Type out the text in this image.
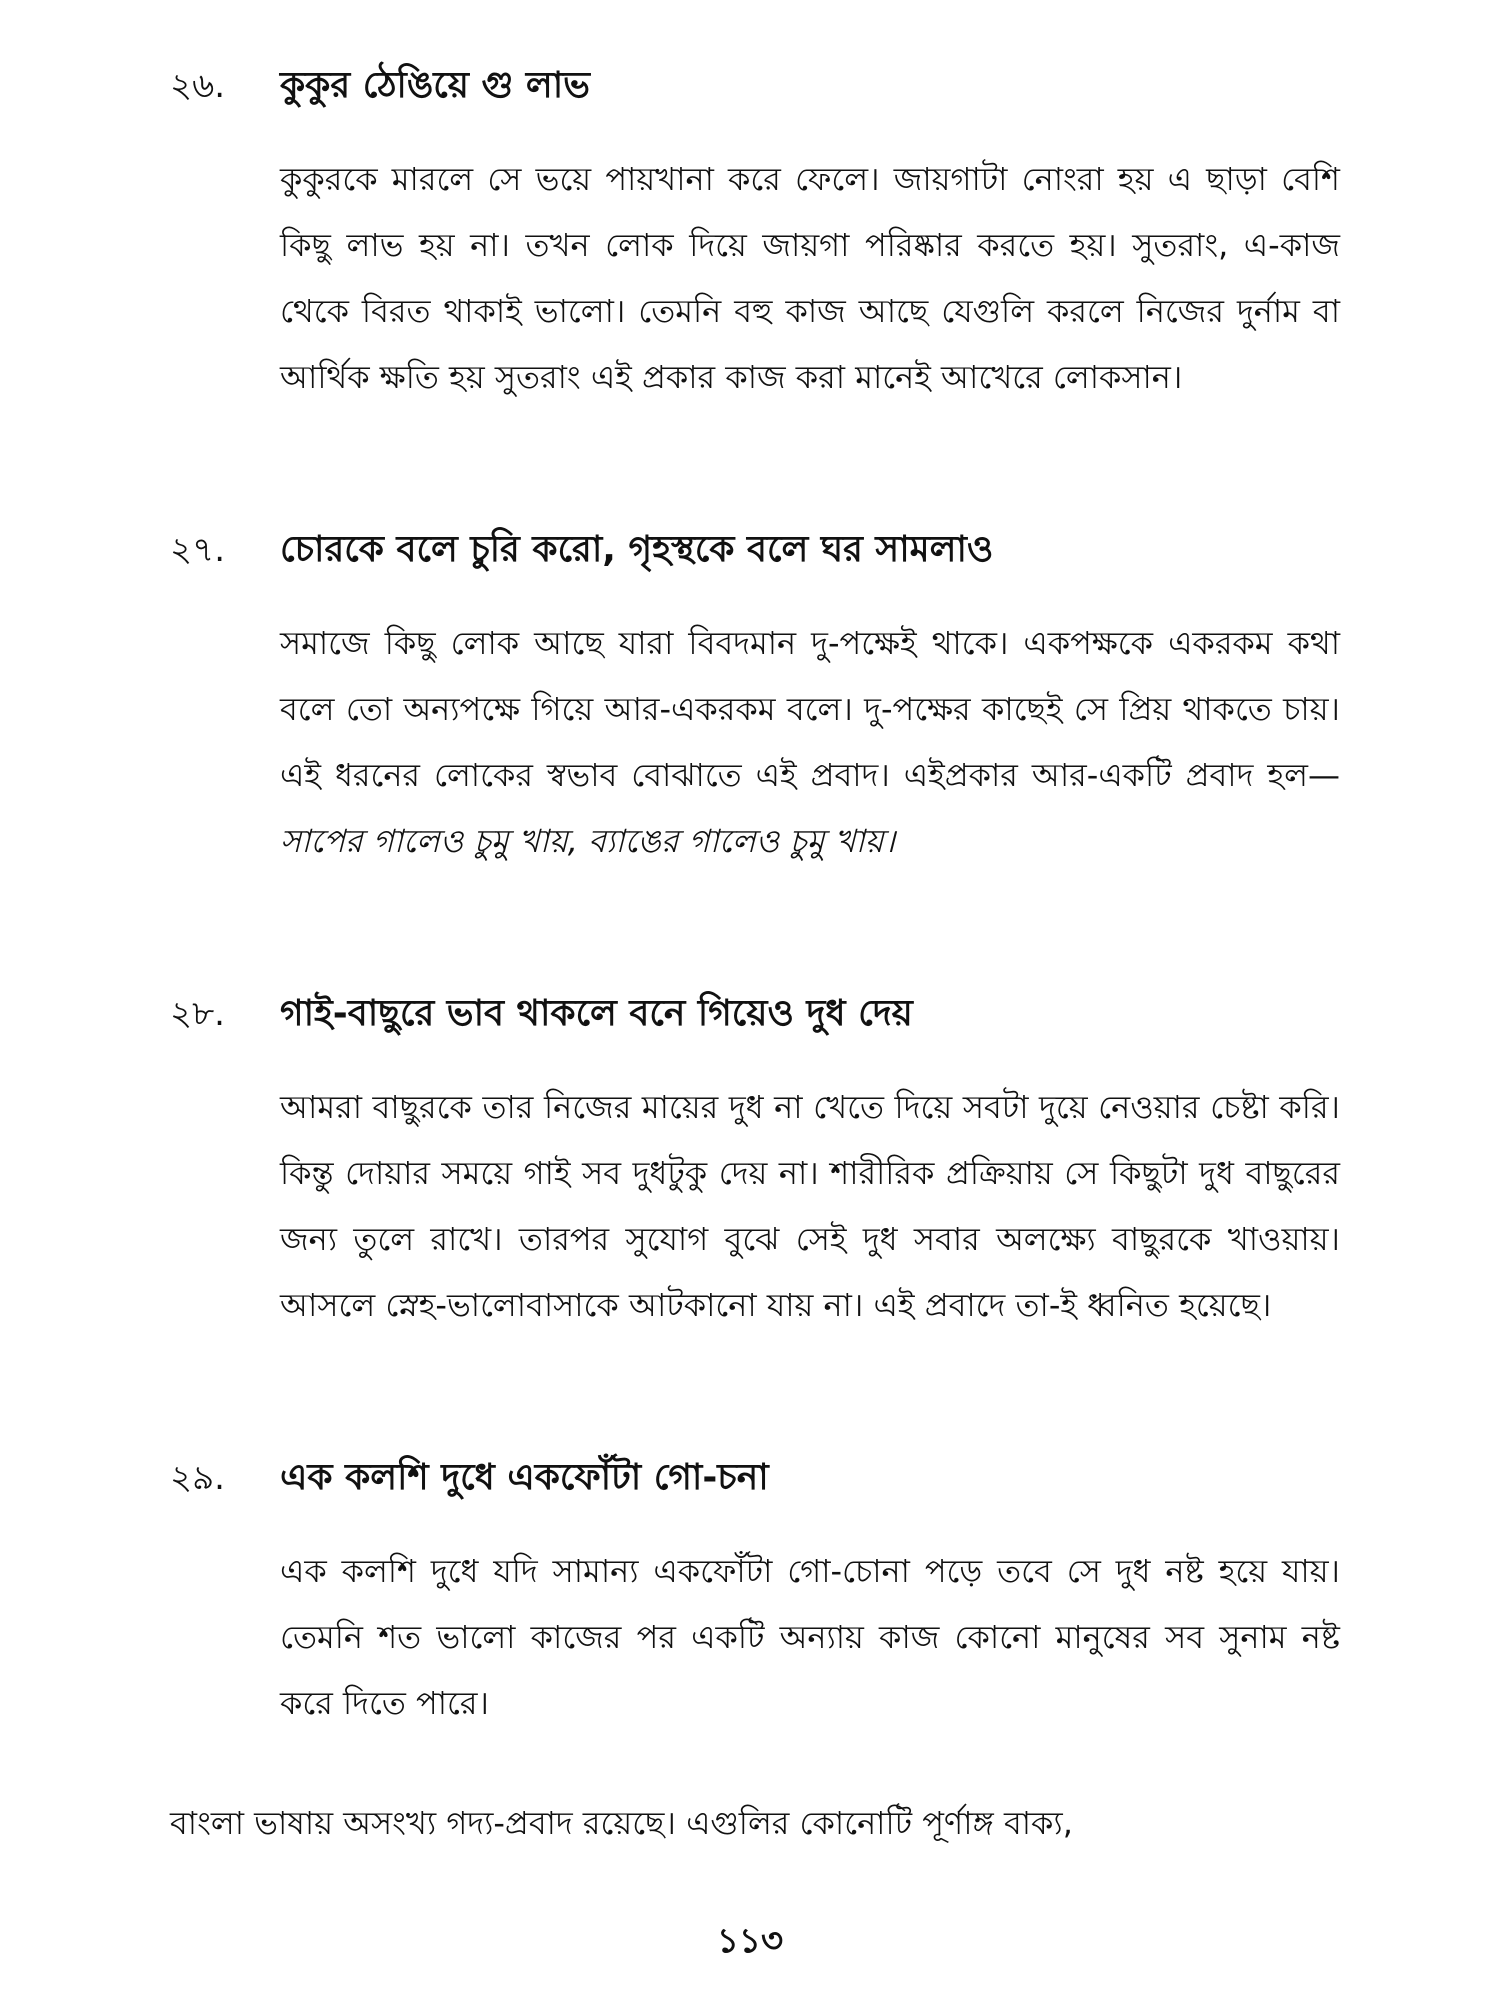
২৬.	কুকুর ঠেঙিয়ে গু লাভ
কুকুরকে মারলে সে ভয়ে পায়খানা করে ফেলে। জায়গাটা নোংরা হয় এ ছাড়া বেশি কিছু লাভ হয় না। তখন লোক দিয়ে জায়গা পরিষ্কার করতে হয়। সুতরাং, এ-কাজ থেকে বিরত থাকাই ভালো। তেমনি বহু কাজ আছে যেগুলি করলে নিজের দুর্নাম বা আর্থিক ক্ষতি হয় সুতরাং এই প্রকার কাজ করা মানেই আখেরে লোকসান।
২৭.	চোরকে বলে চুরি করো, গৃহস্থকে বলে ঘর সামলাও
সমাজে কিছু লোক আছে যারা বিবদমান দু-পক্ষেই থাকে। একপক্ষকে একরকম কথা বলে তো অন্যপক্ষে গিয়ে আর-একরকম বলে। দু-পক্ষের কাছেই সে প্রিয় থাকতে চায়। এই ধরনের লোকের স্বভাব বোঝাতে এই প্রবাদ। এইপ্রকার আর-একটি প্রবাদ হল—সাপের গালেও চুমু খায়, ব্যাঙের গালেও চুমু খায়।
২৮.	গাই-বাছুরে ভাব থাকলে বনে গিয়েও দুধ দেয়
আমরা বাছুরকে তার নিজের মায়ের দুধ না খেতে দিয়ে সবটা দুয়ে নেওয়ার চেষ্টা করি। কিন্তু দোয়ার সময়ে গাই সব দুধটুকু দেয় না। শারীরিক প্রক্রিয়ায় সে কিছুটা দুধ বাছুরের জন্য তুলে রাখে। তারপর সুযোগ বুঝে সেই দুধ সবার অলক্ষ্যে বাছুরকে খাওয়ায়। আসলে স্নেহ-ভালোবাসাকে আটকানো যায় না। এই প্রবাদে তা-ই ধ্বনিত হয়েছে।
২৯.	এক কলশি দুধে একফোঁটা গো-চনা
এক কলশি দুধে যদি সামান্য একফোঁটা গো-চোনা পড়ে তবে সে দুধ নষ্ট হয়ে যায়। তেমনি শত ভালো কাজের পর একটি অন্যায় কাজ কোনো মানুষের সব সুনাম নষ্ট করে দিতে পারে।
বাংলা ভাষায় অসংখ্য গদ্য-প্রবাদ রয়েছে। এগুলির কোনোটি পূর্ণাঙ্গ বাক্য,
১১৩
